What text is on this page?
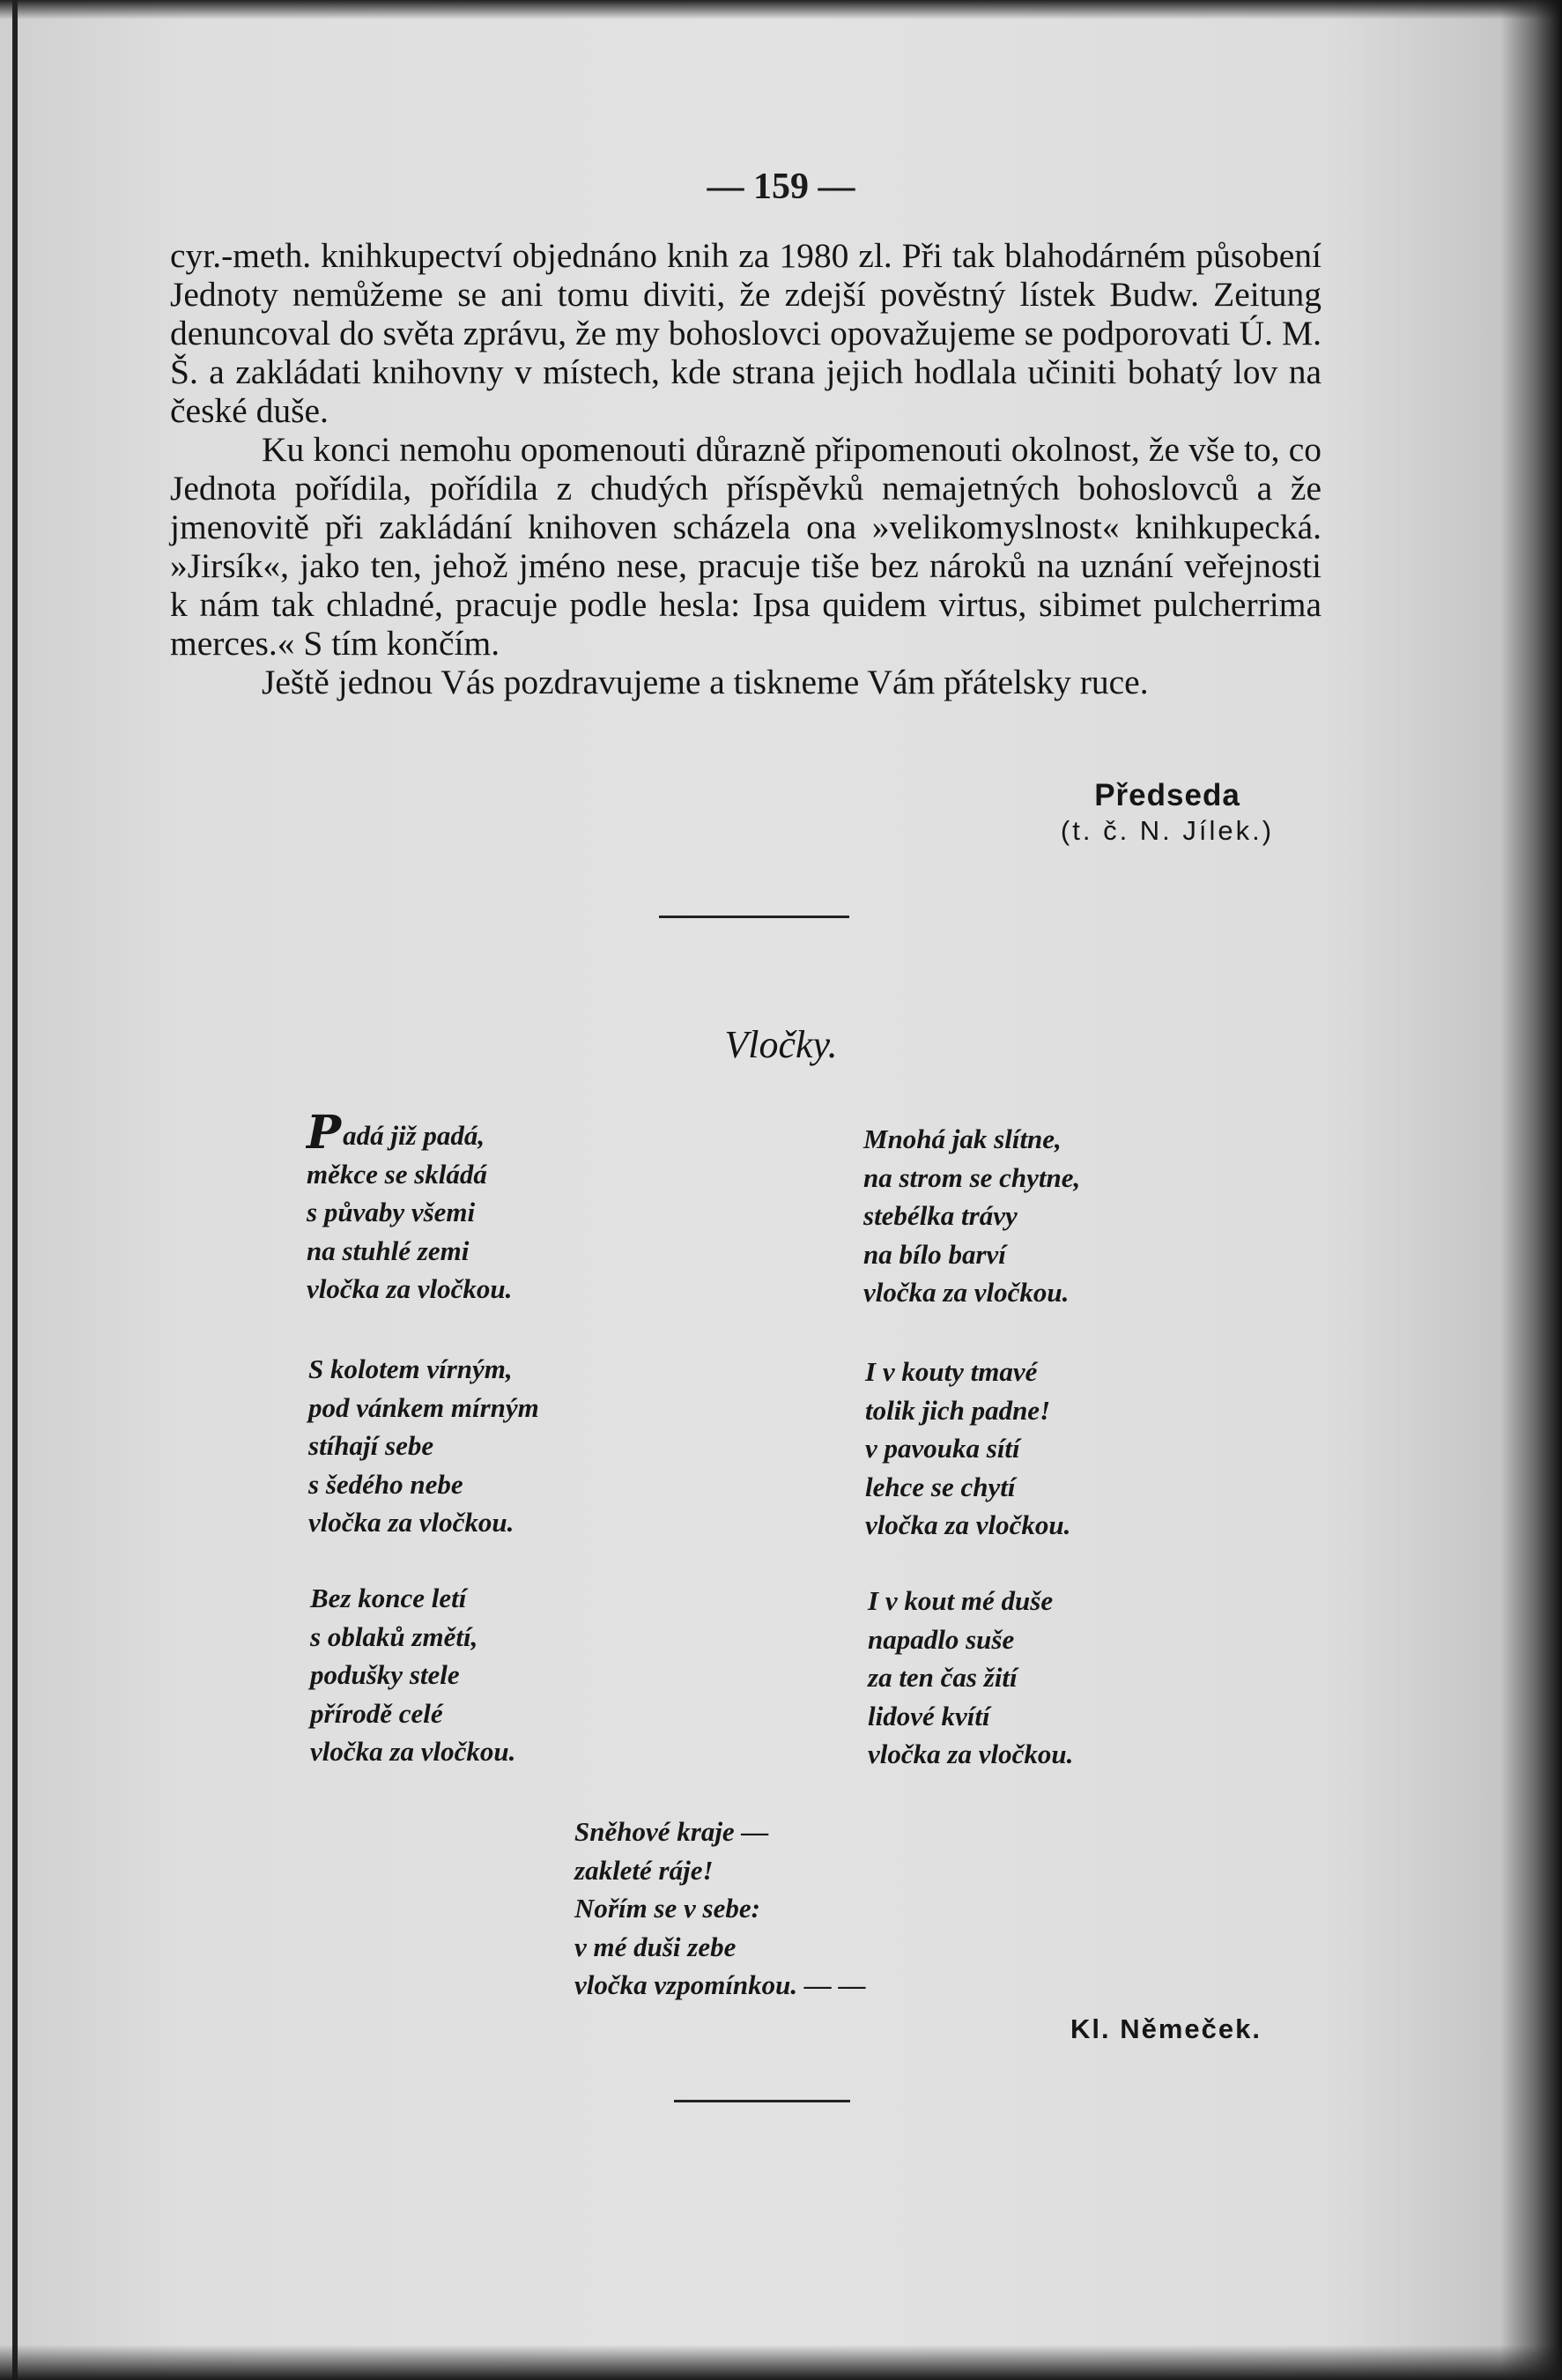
— 159 —

cyr.-meth. knihkupectví objednáno knih za 1980 zl. Při tak blahodárném působení Jednoty nemůžeme se ani tomu diviti, že zdejší pověstný lístek Budw. Zeitung denuncoval do světa zprávu, že my bohoslovci opovažujeme se podporovati Ú. M. Š. a zakládati knihovny v místech, kde strana jejich hodlala učiniti bohatý lov na české duše.

Ku konci nemohu opomenouti důrazně připomenouti okolnost, že vše to, co Jednota pořídila, pořídila z chudých příspěvků nemajetných bohoslovců a že jmenovitě při zakládání knihoven scházela ona »velikomyslnost« knihkupecká. »Jirsík«, jako ten, jehož jméno nese, pracuje tiše bez nároků na uznání veřejnosti k nám tak chladné, pracuje podle hesla: Ipsa quidem virtus, sibimet pulcherrima merces.« S tím končím.

Ještě jednou Vás pozdravujeme a tiskneme Vám přátelsky ruce.

Předseda
(t. č. N. Jílek.)
Vločky.
Padá již padá,
měkce se skládá
s půvaby všemi
na stuhlé zemi
vločka za vločkou.
S kolotem vírným,
pod vánkem mírným
stíhají sebe
s šedého nebe
vločka za vločkou.
Bez konce letí
s oblaků změtí,
podušky stele
přírodě celé
vločka za vločkou.
Mnohá jak slítne,
na strom se chytne,
stebélka trávy
na bílo barví
vločka za vločkou.
I v kouty tmavé
tolik jich padne!
v pavouka sítí
lehce se chytí
vločka za vločkou.
I v kout mé duše
napadlo suše
za ten čas žití
lidové kvítí
vločka za vločkou.
Sněhové kraje —
zakleté ráje!
Nořím se v sebe:
v mé duši zebe
vločka vzpomínkou. — —
Kl. Němeček.
